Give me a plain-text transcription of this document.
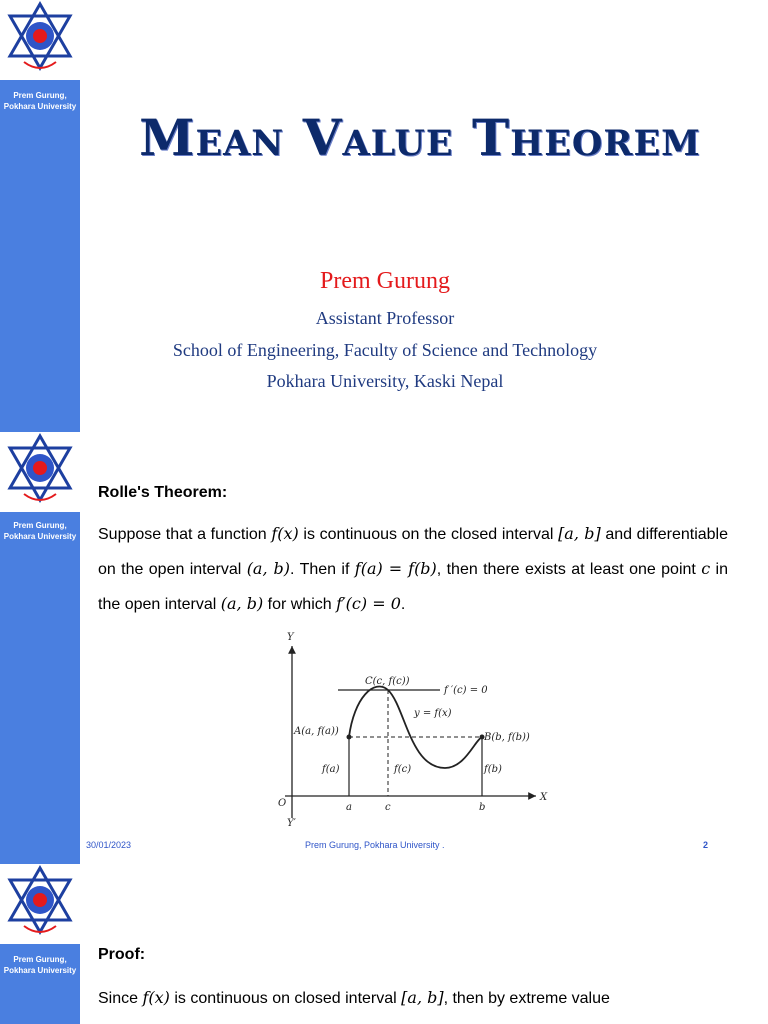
Prem Gurung,
Pokhara University
Mean Value Theorem
Prem Gurung
Assistant Professor
School of Engineering, Faculty of Science and Technology
Pokhara University, Kaski Nepal
Prem Gurung,
Pokhara University
Rolle's Theorem:
Suppose that a function f(x) is continuous on the closed interval [a, b] and differentiable on the open interval (a, b). Then if f(a) = f(b), then there exists at least one point c in the open interval (a, b) for which f′(c) = 0.
Y
Y′
X
O
C(c, f(c))
f ′(c) = 0
y = f(x)
A(a, f(a))
B(b, f(b))
f(a)	f(c)	f(b)
a	c	b
30/01/2023	Prem Gurung, Pokhara University .	2
Prem Gurung,
Pokhara University
Proof:
Since f(x) is continuous on closed interval [a, b], then by extreme value
